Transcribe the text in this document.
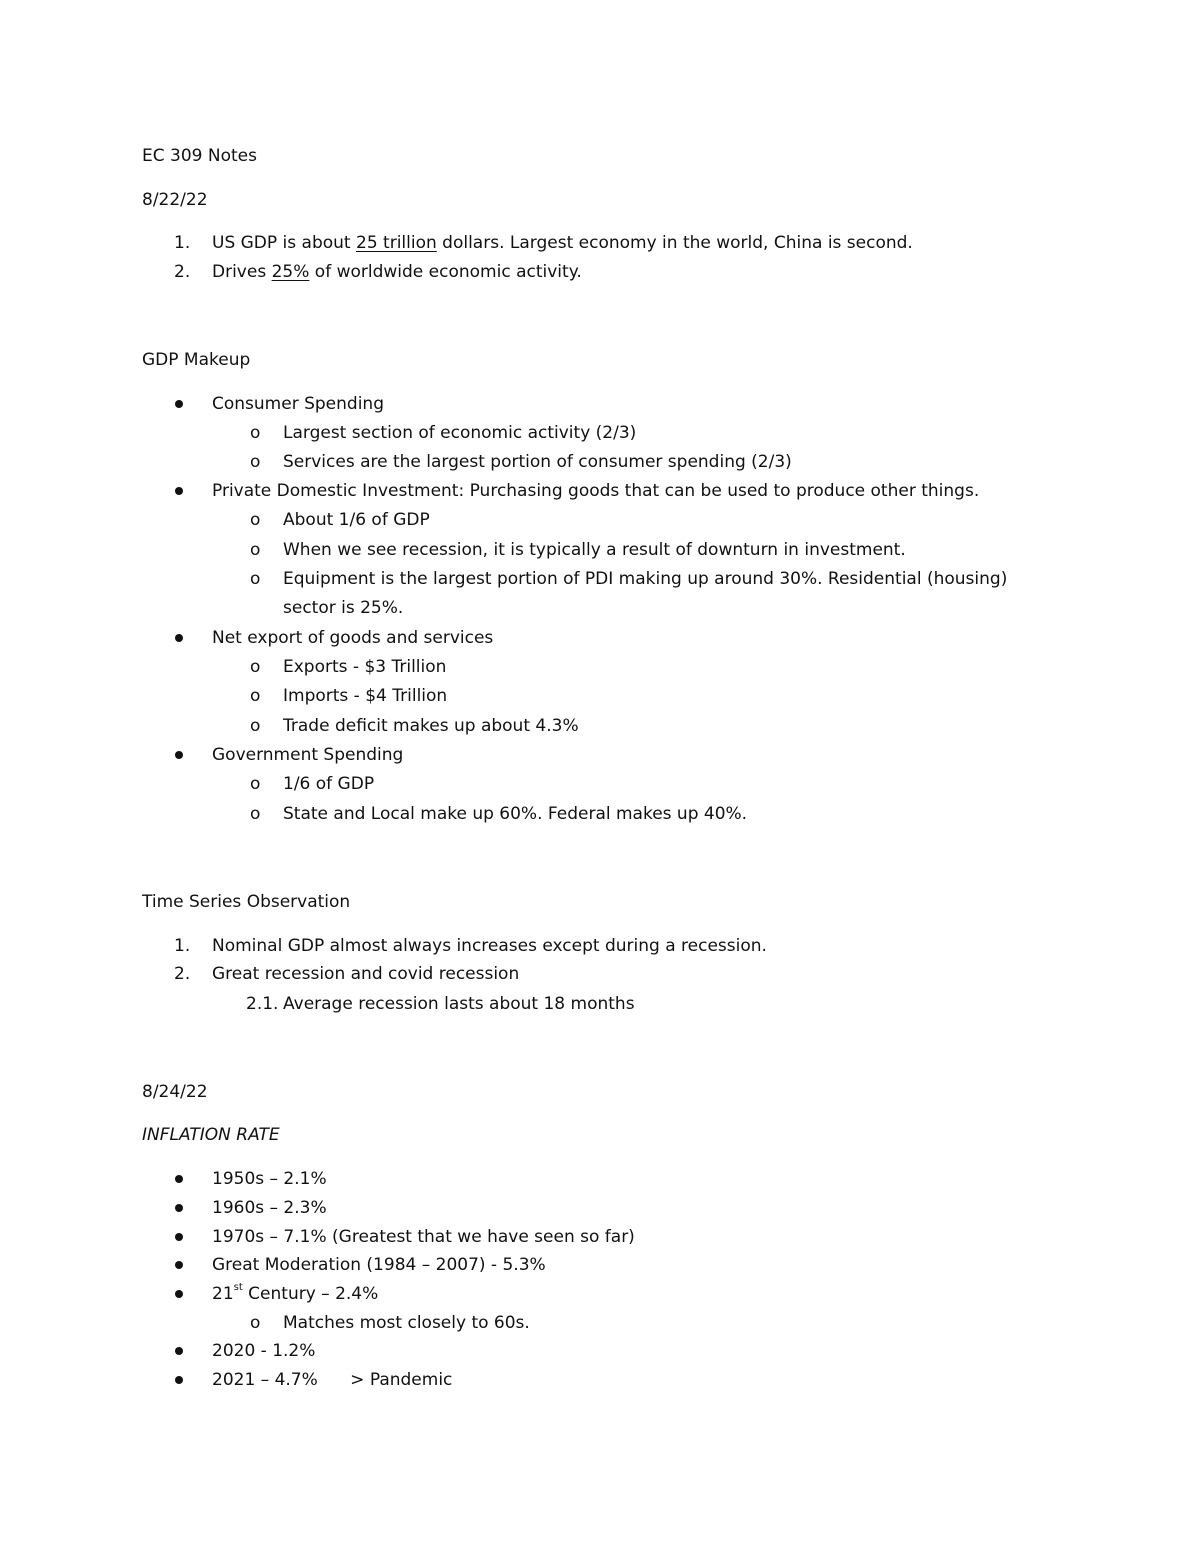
EC 309 Notes
8/22/22
1. US GDP is about 25 trillion dollars. Largest economy in the world, China is second.
2. Drives 25% of worldwide economic activity.
GDP Makeup
Consumer Spending
o Largest section of economic activity (2/3)
o Services are the largest portion of consumer spending (2/3)
Private Domestic Investment: Purchasing goods that can be used to produce other things.
o About 1/6 of GDP
o When we see recession, it is typically a result of downturn in investment.
o Equipment is the largest portion of PDI making up around 30%. Residential (housing)
sector is 25%.
Net export of goods and services
o Exports - $3 Trillion
o Imports - $4 Trillion
o Trade deficit makes up about 4.3%
Government Spending
o 1/6 of GDP
o State and Local make up 60%. Federal makes up 40%.
Time Series Observation
1. Nominal GDP almost always increases except during a recession.
2. Great recession and covid recession
2.1. Average recession lasts about 18 months
8/24/22
INFLATION RATE
1950s – 2.1%
1960s – 2.3%
1970s – 7.1% (Greatest that we have seen so far)
Great Moderation (1984 – 2007) - 5.3%
21st Century – 2.4%
o Matches most closely to 60s.
2020 - 1.2%
2021 – 4.7%      > Pandemic
